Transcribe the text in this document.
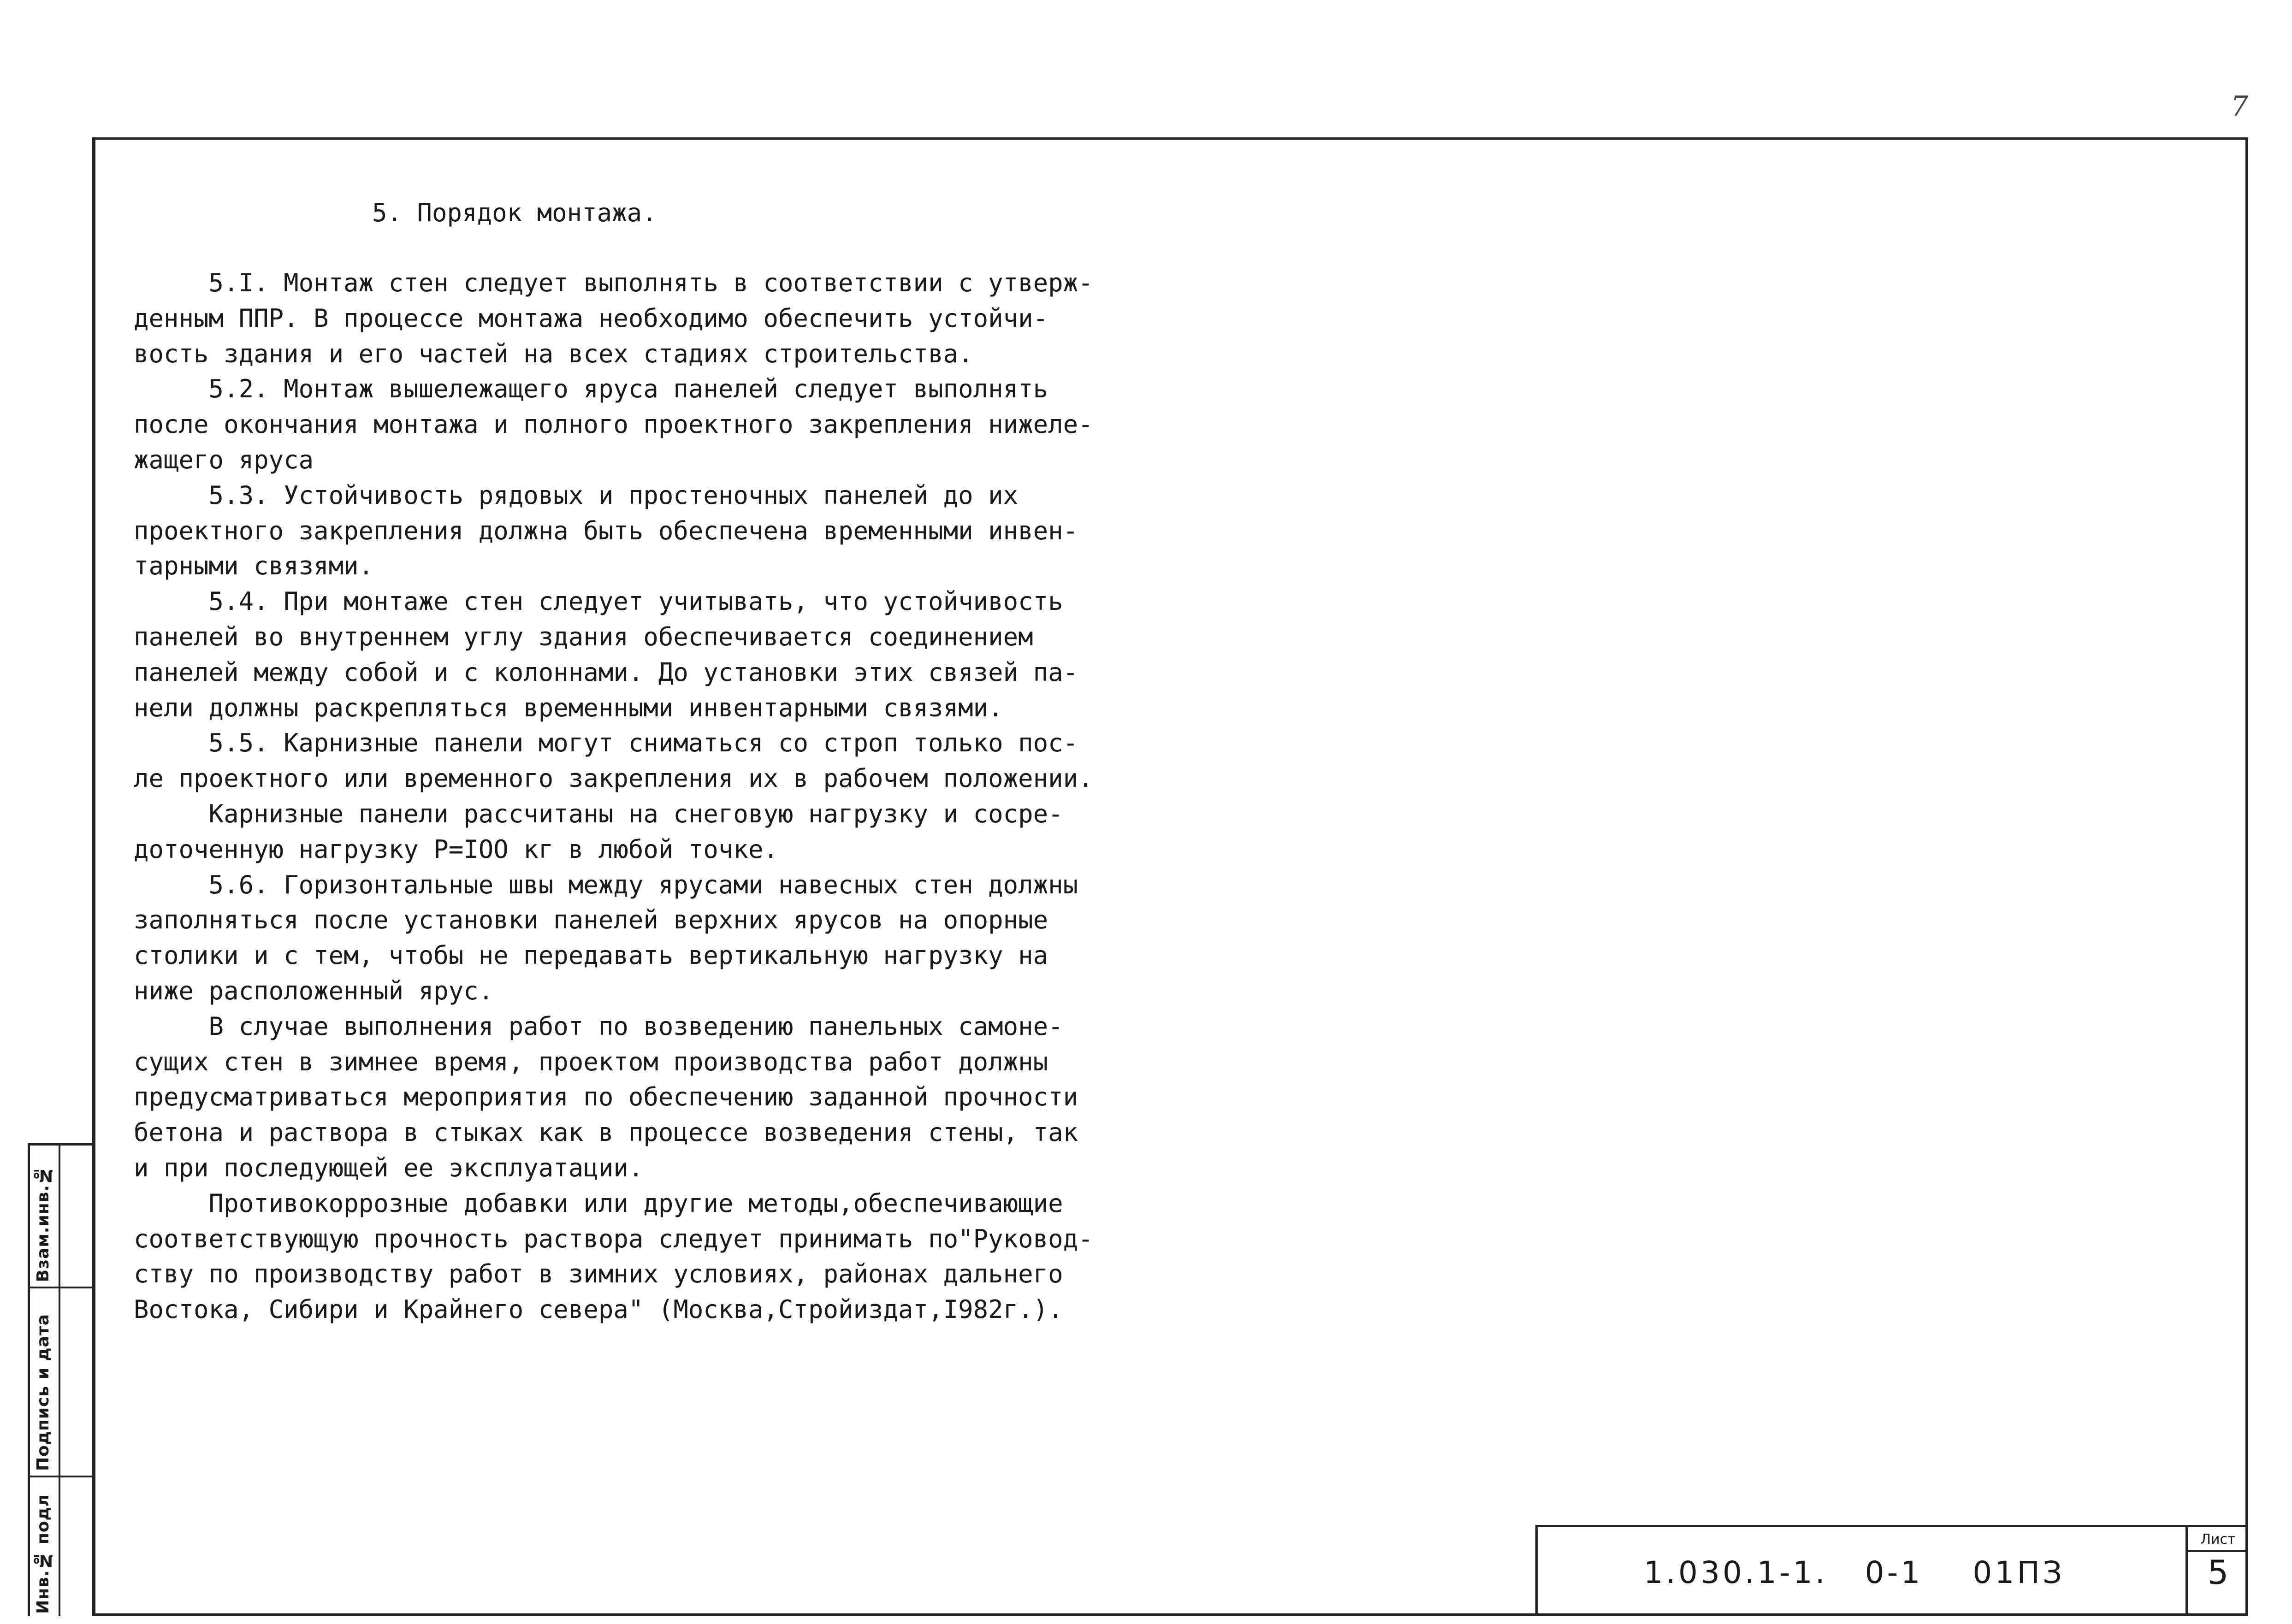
7
5. Порядок монтажа.
5.I. Монтаж стен следует выполнять в соответствии с утверж-
денным ППР. В процессе монтажа необходимо обеспечить устойчи-
вость здания и его частей на всех стадиях строительства.
5.2. Монтаж вышележащего яруса панелей следует выполнять
после окончания монтажа и полного проектного закрепления нижеле-
жащего яруса
5.3. Устойчивость рядовых и простеночных панелей до их
проектного закрепления должна быть обеспечена временными инвен-
тарными связями.
5.4. При монтаже стен следует учитывать, что устойчивость
панелей во внутреннем углу здания обеспечивается соединением
панелей между собой и с колоннами. До установки этих связей па-
нели должны раскрепляться временными инвентарными связями.
5.5. Карнизные панели могут сниматься со строп только пос-
ле проектного или временного закрепления их в рабочем положении.
Карнизные панели рассчитаны на снеговую нагрузку и сосре-
доточенную нагрузку Р=IOO кг в любой точке.
5.6. Горизонтальные швы между ярусами навесных стен должны
заполняться после установки панелей верхних ярусов на опорные
столики и с тем, чтобы не передавать вертикальную нагрузку на
ниже расположенный ярус.
В случае выполнения работ по возведению панельных самоне-
сущих стен в зимнее время, проектом производства работ должны
предусматриваться мероприятия по обеспечению заданной прочности
бетона и раствора в стыках как в процессе возведения стены, так
и при последующей ее эксплуатации.
Противокоррозные добавки или другие методы,обеспечивающие
соответствующую прочность раствора следует принимать по"Руковод-
ству по производству работ в зимних условиях, районах дальнего
Востока, Сибири и Крайнего севера" (Москва,Стройиздат,I982г.).
Взам.инв.№
Подпись и дата
Инв.№ подл	1.030.1-1.   0-1    01ПЗ
Лист
5
